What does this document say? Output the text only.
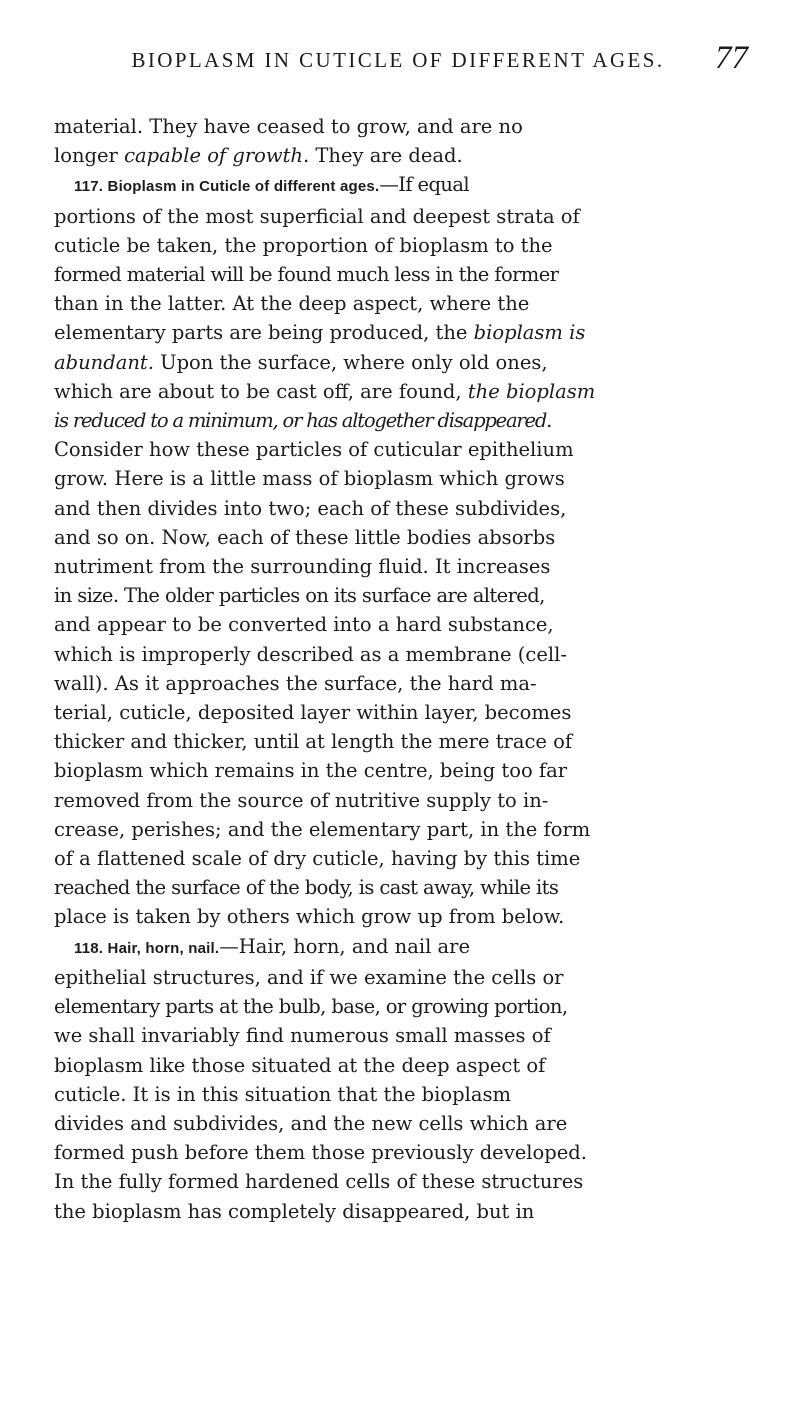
BIOPLASM IN CUTICLE OF DIFFERENT AGES.	77
material. They have ceased to grow, and are no
longer capable of growth. They are dead.
117. Bioplasm in Cuticle of different ages.—If equal
portions of the most superficial and deepest strata of
cuticle be taken, the proportion of bioplasm to the
formed material will be found much less in the former
than in the latter. At the deep aspect, where the
elementary parts are being produced, the bioplasm is
abundant. Upon the surface, where only old ones,
which are about to be cast off, are found, the bioplasm
is reduced to a minimum, or has altogether disappeared.
Consider how these particles of cuticular epithelium
grow. Here is a little mass of bioplasm which grows
and then divides into two; each of these subdivides,
and so on. Now, each of these little bodies absorbs
nutriment from the surrounding fluid. It increases
in size. The older particles on its surface are altered,
and appear to be converted into a hard substance,
which is improperly described as a membrane (cell-
wall). As it approaches the surface, the hard ma-
terial, cuticle, deposited layer within layer, becomes
thicker and thicker, until at length the mere trace of
bioplasm which remains in the centre, being too far
removed from the source of nutritive supply to in-
crease, perishes; and the elementary part, in the form
of a flattened scale of dry cuticle, having by this time
reached the surface of the body, is cast away, while its
place is taken by others which grow up from below.
118. Hair, horn, nail.—Hair, horn, and nail are
epithelial structures, and if we examine the cells or
elementary parts at the bulb, base, or growing portion,
we shall invariably find numerous small masses of
bioplasm like those situated at the deep aspect of
cuticle. It is in this situation that the bioplasm
divides and subdivides, and the new cells which are
formed push before them those previously developed.
In the fully formed hardened cells of these structures
the bioplasm has completely disappeared, but in
